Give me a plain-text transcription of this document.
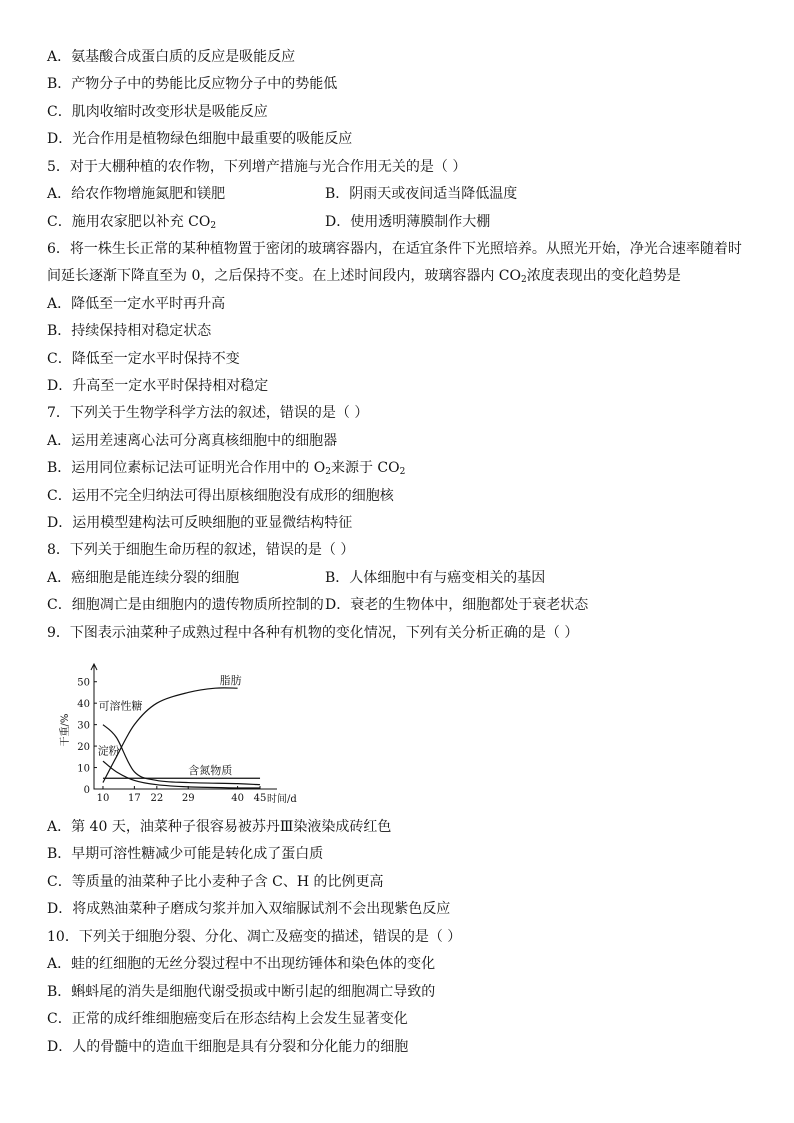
A．氨基酸合成蛋白质的反应是吸能反应
B．产物分子中的势能比反应物分子中的势能低
C．肌肉收缩时改变形状是吸能反应
D．光合作用是植物绿色细胞中最重要的吸能反应
5．对于大棚种植的农作物，下列增产措施与光合作用无关的是（ ）
A．给农作物增施氮肥和镁肥	B．阴雨天或夜间适当降低温度
C．施用农家肥以补充 $CO_2$	D．使用透明薄膜制作大棚
6．将一株生长正常的某种植物置于密闭的玻璃容器内，在适宜条件下光照培养。从照光开始，净光合速率随着时
间延长逐渐下降直至为 0，之后保持不变。在上述时间段内，玻璃容器内 $CO_2$浓度表现出的变化趋势是
A．降低至一定水平时再升高
B．持续保持相对稳定状态
C．降低至一定水平时保持不变
D．升高至一定水平时保持相对稳定
7．下列关于生物学科学方法的叙述，错误的是（ ）
A．运用差速离心法可分离真核细胞中的细胞器
B．运用同位素标记法可证明光合作用中的 $O_2$来源于 $CO_2$
C．运用不完全归纳法可得出原核细胞没有成形的细胞核
D．运用模型建构法可反映细胞的亚显微结构特征
8．下列关于细胞生命历程的叙述，错误的是（ ）
A．癌细胞是能连续分裂的细胞	B．人体细胞中有与癌变相关的基因
C．细胞凋亡是由细胞内的遗传物质所控制的 D．衰老的生物体中，细胞都处于衰老状态
9．下图表示油菜种子成熟过程中各种有机物的变化情况，下列有关分析正确的是（ ）
0
10
20
30
40
50
10 17 22 29	40 45
干重/%
时间/d
脂肪
可溶性糖
淀粉
含氮物质
A．第 40 天，油菜种子很容易被苏丹Ⅲ染液染成砖红色
B．早期可溶性糖减少可能是转化成了蛋白质
C．等质量的油菜种子比小麦种子含 C、H 的比例更高
D．将成熟油菜种子磨成匀浆并加入双缩脲试剂不会出现紫色反应
10．下列关于细胞分裂、分化、凋亡及癌变的描述，错误的是（ ）
A．蛙的红细胞的无丝分裂过程中不出现纺锤体和染色体的变化
B．蝌蚪尾的消失是细胞代谢受损或中断引起的细胞凋亡导致的
C．正常的成纤维细胞癌变后在形态结构上会发生显著变化
D．人的骨髓中的造血干细胞是具有分裂和分化能力的细胞
